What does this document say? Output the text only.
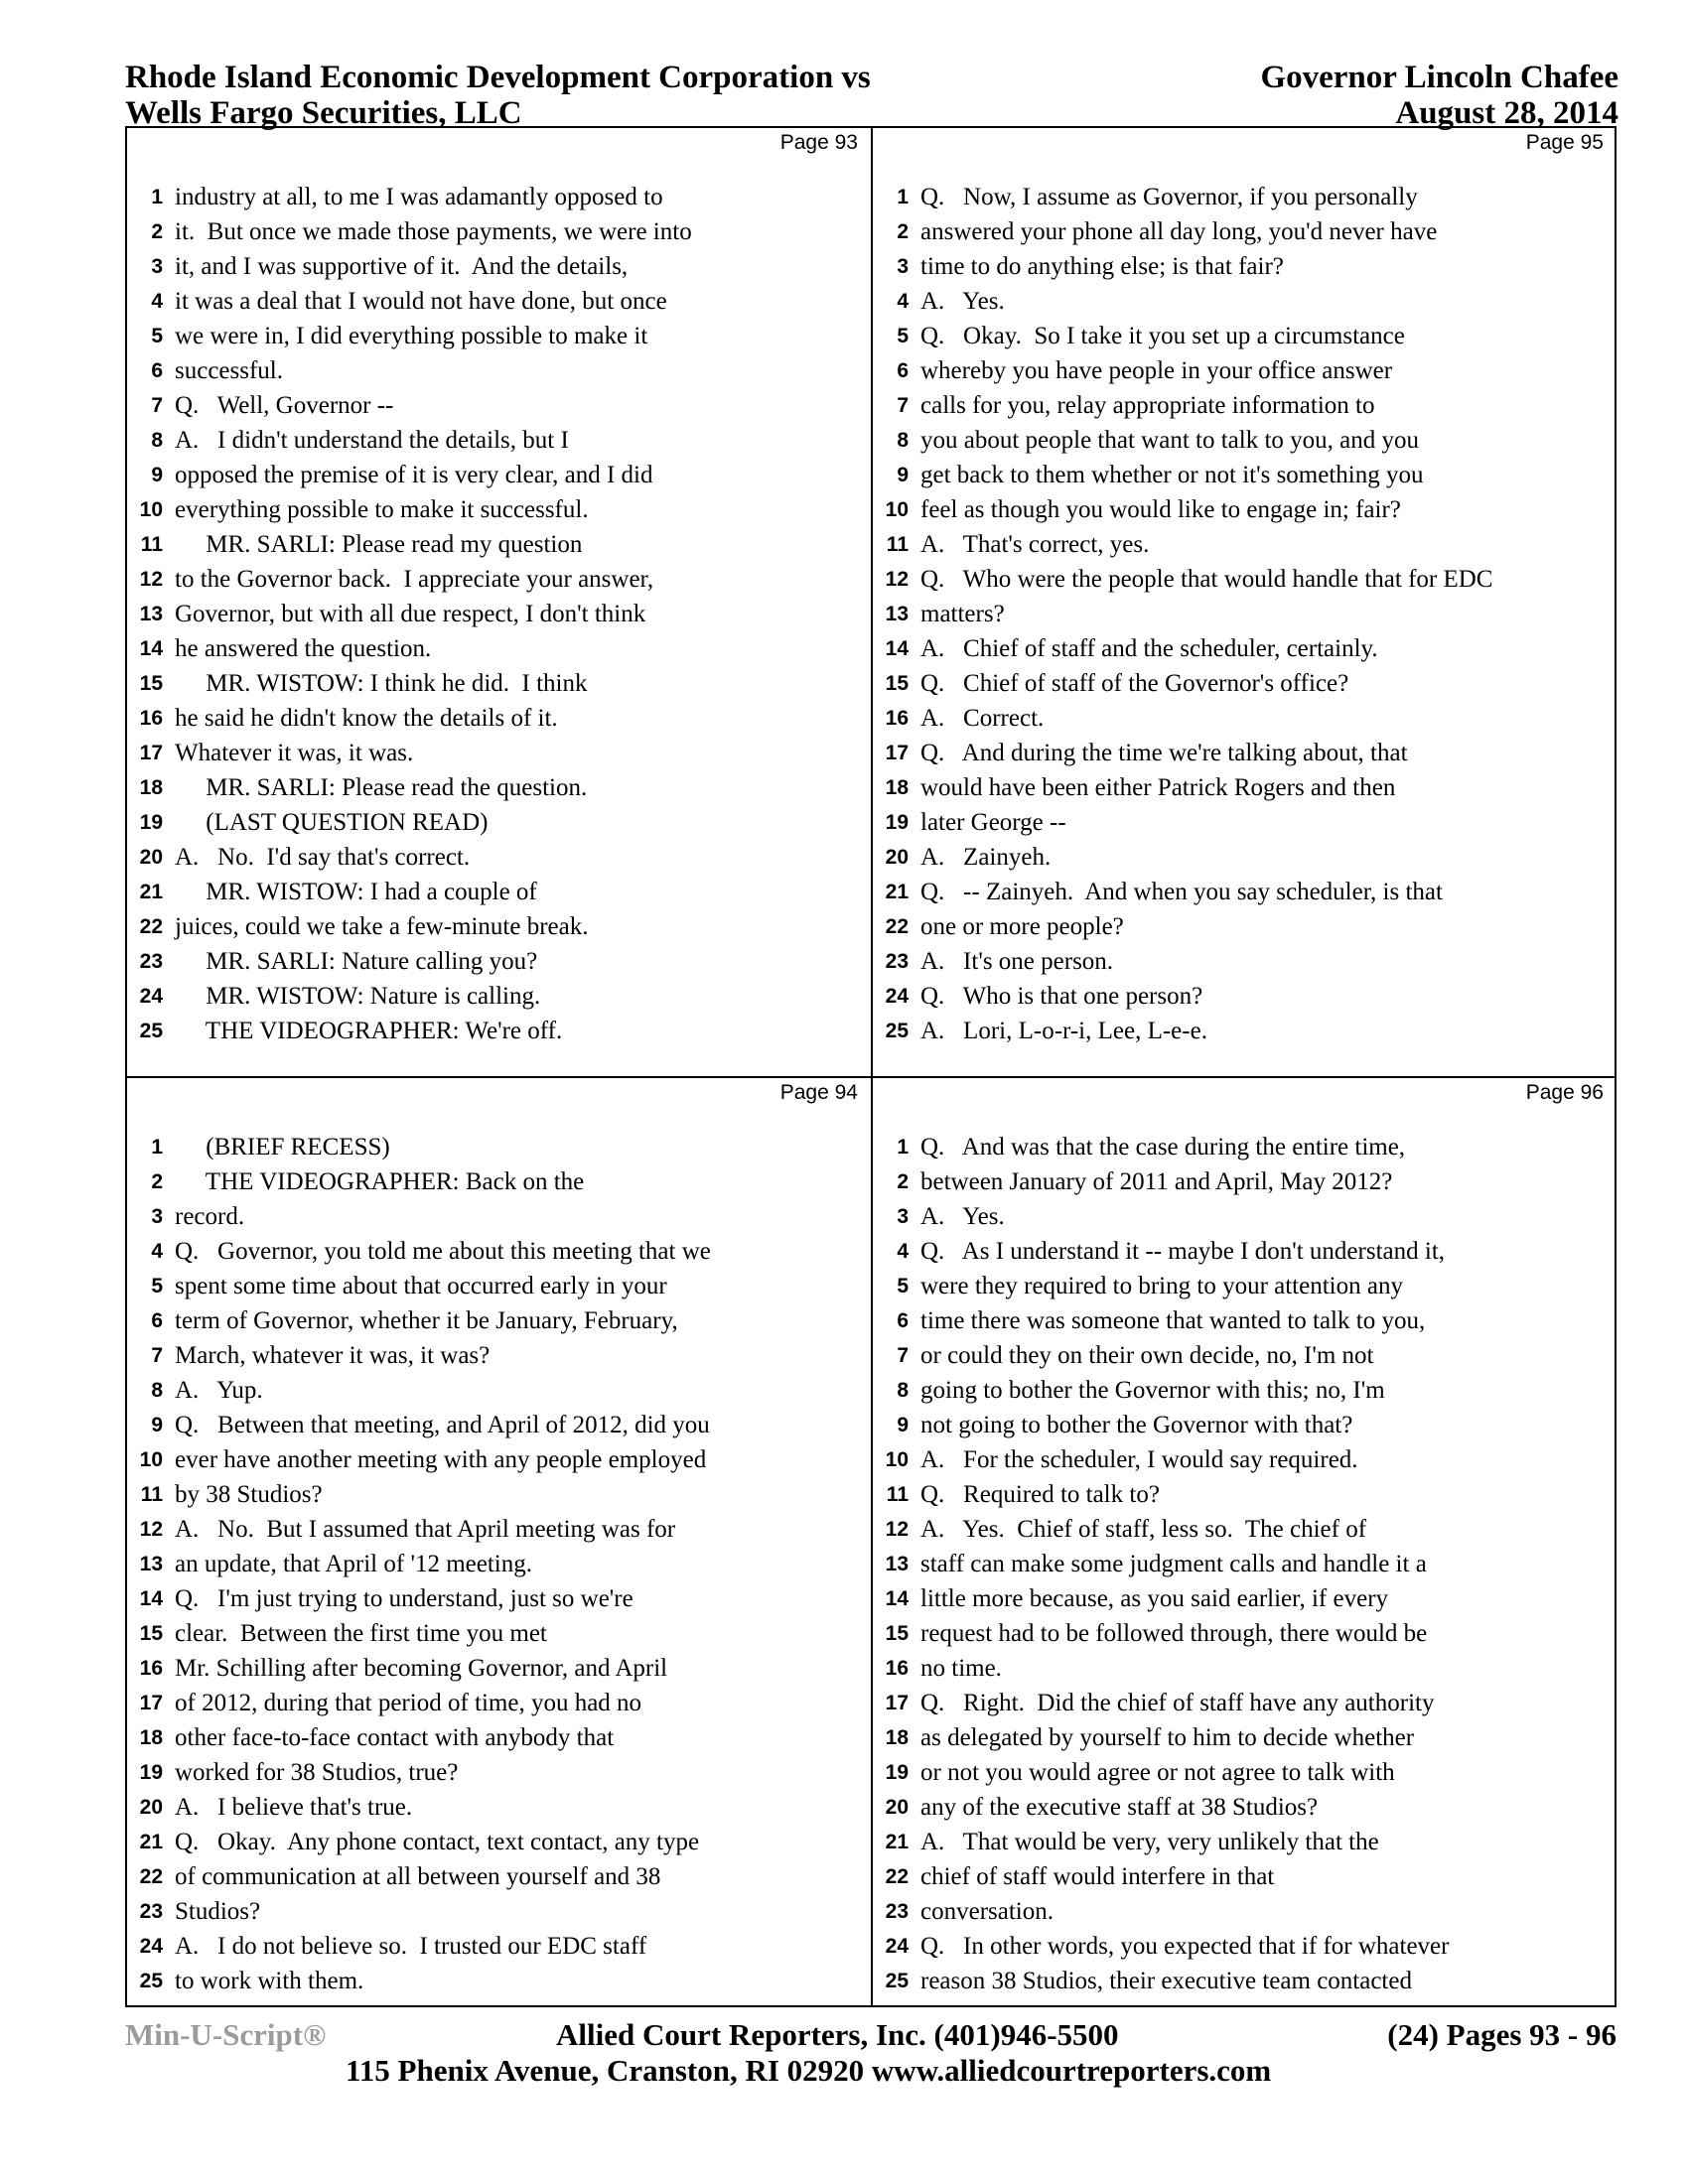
Rhode Island Economic Development Corporation vs
Wells Fargo Securities, LLC
Governor Lincoln Chafee
August 28, 2014
Page 93
1 industry at all, to me I was adamantly opposed to
2 it.  But once we made those payments, we were into
3 it, and I was supportive of it.  And the details,
4 it was a deal that I would not have done, but once
5 we were in, I did everything possible to make it
6 successful.
7 Q.   Well, Governor --
8 A.   I didn't understand the details, but I
9 opposed the premise of it is very clear, and I did
10 everything possible to make it successful.
11 MR. SARLI: Please read my question
12 to the Governor back.  I appreciate your answer,
13 Governor, but with all due respect, I don't think
14 he answered the question.
15 MR. WISTOW: I think he did.  I think
16 he said he didn't know the details of it.
17 Whatever it was, it was.
18 MR. SARLI: Please read the question.
19 (LAST QUESTION READ)
20 A.   No.  I'd say that's correct.
21 MR. WISTOW: I had a couple of
22 juices, could we take a few-minute break.
23 MR. SARLI: Nature calling you?
24 MR. WISTOW: Nature is calling.
25 THE VIDEOGRAPHER: We're off.
Page 95
1 Q.   Now, I assume as Governor, if you personally
2 answered your phone all day long, you'd never have
3 time to do anything else; is that fair?
4 A.   Yes.
5 Q.   Okay.  So I take it you set up a circumstance
6 whereby you have people in your office answer
7 calls for you, relay appropriate information to
8 you about people that want to talk to you, and you
9 get back to them whether or not it's something you
10 feel as though you would like to engage in; fair?
11 A.   That's correct, yes.
12 Q.   Who were the people that would handle that for EDC
13 matters?
14 A.   Chief of staff and the scheduler, certainly.
15 Q.   Chief of staff of the Governor's office?
16 A.   Correct.
17 Q.   And during the time we're talking about, that
18 would have been either Patrick Rogers and then
19 later George --
20 A.   Zainyeh.
21 Q.   -- Zainyeh.  And when you say scheduler, is that
22 one or more people?
23 A.   It's one person.
24 Q.   Who is that one person?
25 A.   Lori, L-o-r-i, Lee, L-e-e.
Page 94
1 (BRIEF RECESS)
2 THE VIDEOGRAPHER: Back on the
3 record.
4 Q.   Governor, you told me about this meeting that we
5 spent some time about that occurred early in your
6 term of Governor, whether it be January, February,
7 March, whatever it was, it was?
8 A.   Yup.
9 Q.   Between that meeting, and April of 2012, did you
10 ever have another meeting with any people employed
11 by 38 Studios?
12 A.   No.  But I assumed that April meeting was for
13 an update, that April of '12 meeting.
14 Q.   I'm just trying to understand, just so we're
15 clear.  Between the first time you met
16 Mr. Schilling after becoming Governor, and April
17 of 2012, during that period of time, you had no
18 other face-to-face contact with anybody that
19 worked for 38 Studios, true?
20 A.   I believe that's true.
21 Q.   Okay.  Any phone contact, text contact, any type
22 of communication at all between yourself and 38
23 Studios?
24 A.   I do not believe so.  I trusted our EDC staff
25 to work with them.
Page 96
1 Q.   And was that the case during the entire time,
2 between January of 2011 and April, May 2012?
3 A.   Yes.
4 Q.   As I understand it -- maybe I don't understand it,
5 were they required to bring to your attention any
6 time there was someone that wanted to talk to you,
7 or could they on their own decide, no, I'm not
8 going to bother the Governor with this; no, I'm
9 not going to bother the Governor with that?
10 A.   For the scheduler, I would say required.
11 Q.   Required to talk to?
12 A.   Yes.  Chief of staff, less so.  The chief of
13 staff can make some judgment calls and handle it a
14 little more because, as you said earlier, if every
15 request had to be followed through, there would be
16 no time.
17 Q.   Right.  Did the chief of staff have any authority
18 as delegated by yourself to him to decide whether
19 or not you would agree or not agree to talk with
20 any of the executive staff at 38 Studios?
21 A.   That would be very, very unlikely that the
22 chief of staff would interfere in that
23 conversation.
24 Q.   In other words, you expected that if for whatever
25 reason 38 Studios, their executive team contacted
Min-U-Script®	Allied Court Reporters, Inc. (401)946-5500	(24) Pages 93 - 96
115 Phenix Avenue, Cranston, RI 02920 www.alliedcourtreporters.com
